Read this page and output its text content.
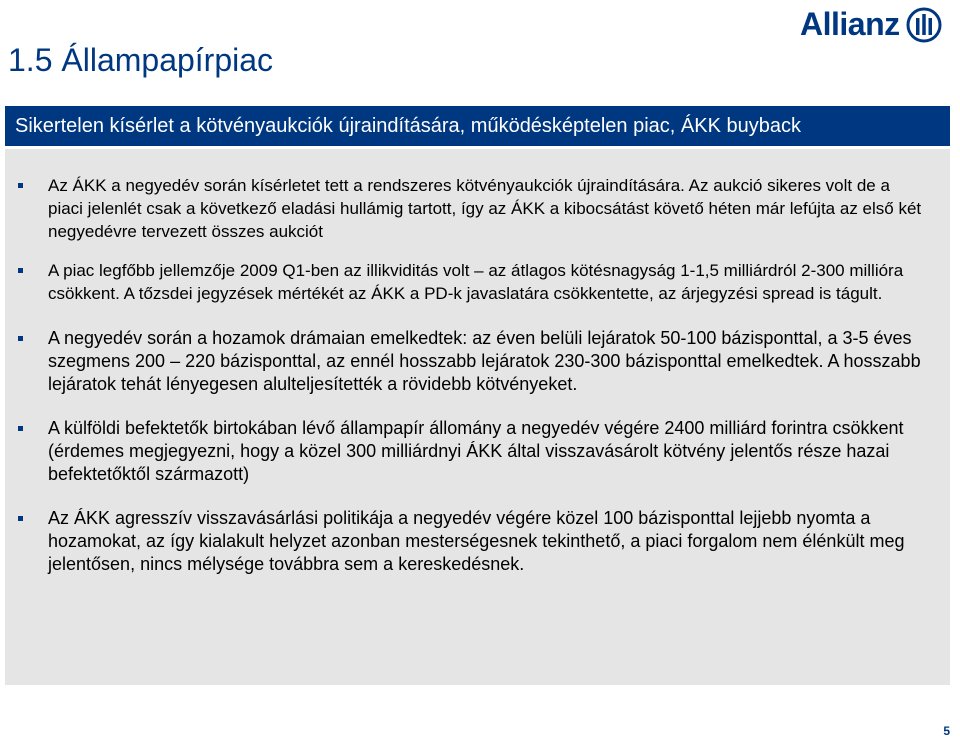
1.5 Állampapírpiac
Allianz
Sikertelen kísérlet a kötvényaukciók újraindítására, működésképtelen piac, ÁKK buyback
Az ÁKK a negyedév során kísérletet tett a rendszeres kötvényaukciók újraindítására. Az aukció sikeres volt de a piaci jelenlét csak a következő eladási hullámig tartott, így az ÁKK a kibocsátást követő héten már lefújta az első két negyedévre tervezett összes aukciót
A piac legfőbb jellemzője 2009 Q1-ben az illikviditás volt – az átlagos kötésnagyság 1-1,5 milliárdról 2-300 millióra csökkent. A tőzsdei jegyzések mértékét az ÁKK a PD-k javaslatára csökkentette, az árjegyzési spread is tágult.
A negyedév során a hozamok drámaian emelkedtek: az éven belüli lejáratok 50-100 bázisponttal, a 3-5 éves szegmens 200 – 220 bázisponttal, az ennél hosszabb lejáratok 230-300 bázisponttal emelkedtek. A hosszabb lejáratok tehát lényegesen alulteljesítették a rövidebb kötvényeket.
A külföldi befektetők birtokában lévő állampapír állomány a negyedév végére 2400 milliárd forintra csökkent (érdemes megjegyezni, hogy a közel 300 milliárdnyi ÁKK által visszavásárolt kötvény jelentős része hazai befektetőktől származott)
Az ÁKK agresszív visszavásárlási politikája a negyedév végére közel 100 bázisponttal lejjebb nyomta a hozamokat, az így kialakult helyzet azonban mesterségesnek tekinthető, a piaci forgalom nem élénkült meg jelentősen, nincs mélysége továbbra sem a kereskedésnek.
5
